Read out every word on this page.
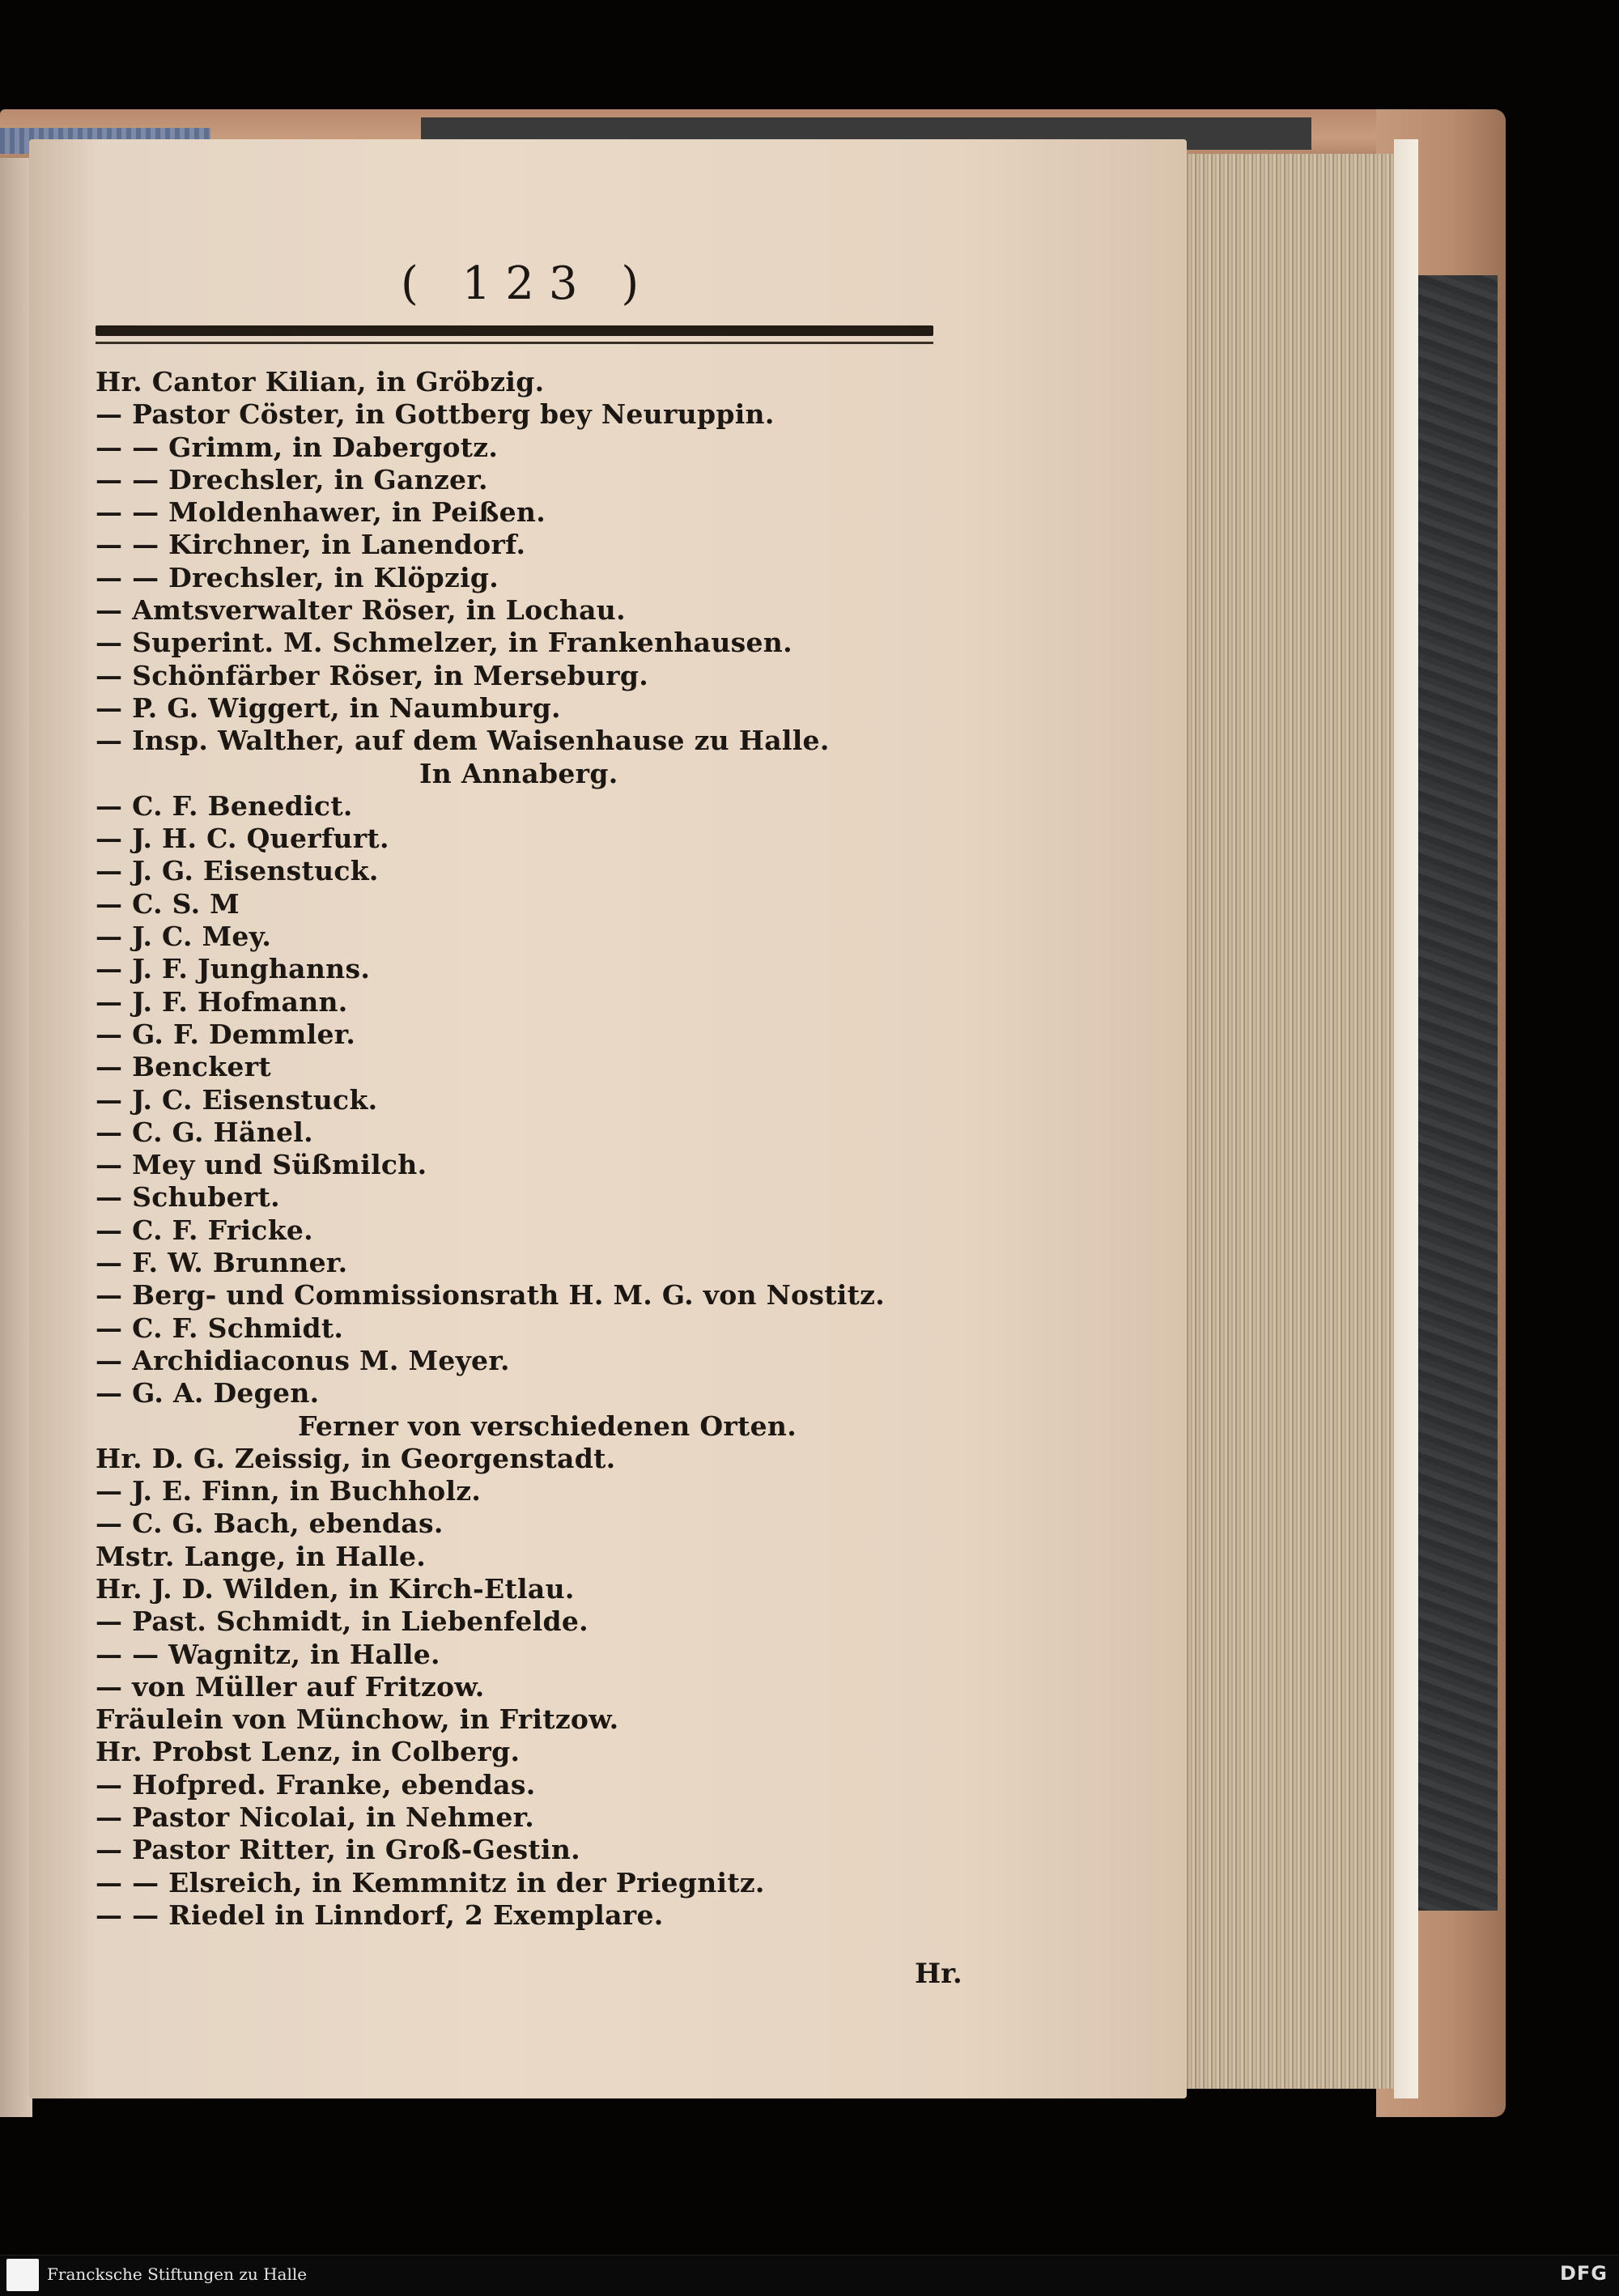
( 123 )
Hr. Cantor Kilian, in Gröbzig.
— Pastor Cöster, in Gottberg bey Neuruppin.
— — Grimm, in Dabergotz.
— — Drechsler, in Ganzer.
— — Moldenhawer, in Peißen.
— — Kirchner, in Lanendorf.
— — Drechsler, in Klöpzig.
— Amtsverwalter Röser, in Lochau.
— Superint. M. Schmelzer, in Frankenhausen.
— Schönfärber Röser, in Merseburg.
— P. G. Wiggert, in Naumburg.
— Insp. Walther, auf dem Waisenhause zu Halle.
In Annaberg.
— C. F. Benedict.
— J. H. C. Querfurt.
— J. G. Eisenstuck.
— C. S. M
— J. C. Mey.
— J. F. Junghanns.
— J. F. Hofmann.
— G. F. Demmler.
— Benckert
— J. C. Eisenstuck.
— C. G. Hänel.
— Mey und Süßmilch.
— Schubert.
— C. F. Fricke.
— F. W. Brunner.
— Berg- und Commissionsrath H. M. G. von Nostitz.
— C. F. Schmidt.
— Archidiaconus M. Meyer.
— G. A. Degen.
Ferner von verschiedenen Orten.
Hr. D. G. Zeissig, in Georgenstadt.
— J. E. Finn, in Buchholz.
— C. G. Bach, ebendas.
Mstr. Lange, in Halle.
Hr. J. D. Wilden, in Kirch-Etlau.
— Past. Schmidt, in Liebenfelde.
— — Wagnitz, in Halle.
— von Müller auf Fritzow.
Fräulein von Münchow, in Fritzow.
Hr. Probst Lenz, in Colberg.
— Hofpred. Franke, ebendas.
— Pastor Nicolai, in Nehmer.
— Pastor Ritter, in Groß-Gestin.
— — Elsreich, in Kemmnitz in der Priegnitz.
— — Riedel in Linndorf, 2 Exemplare.
Hr.
Francksche Stiftungen zu Halle	DFG
